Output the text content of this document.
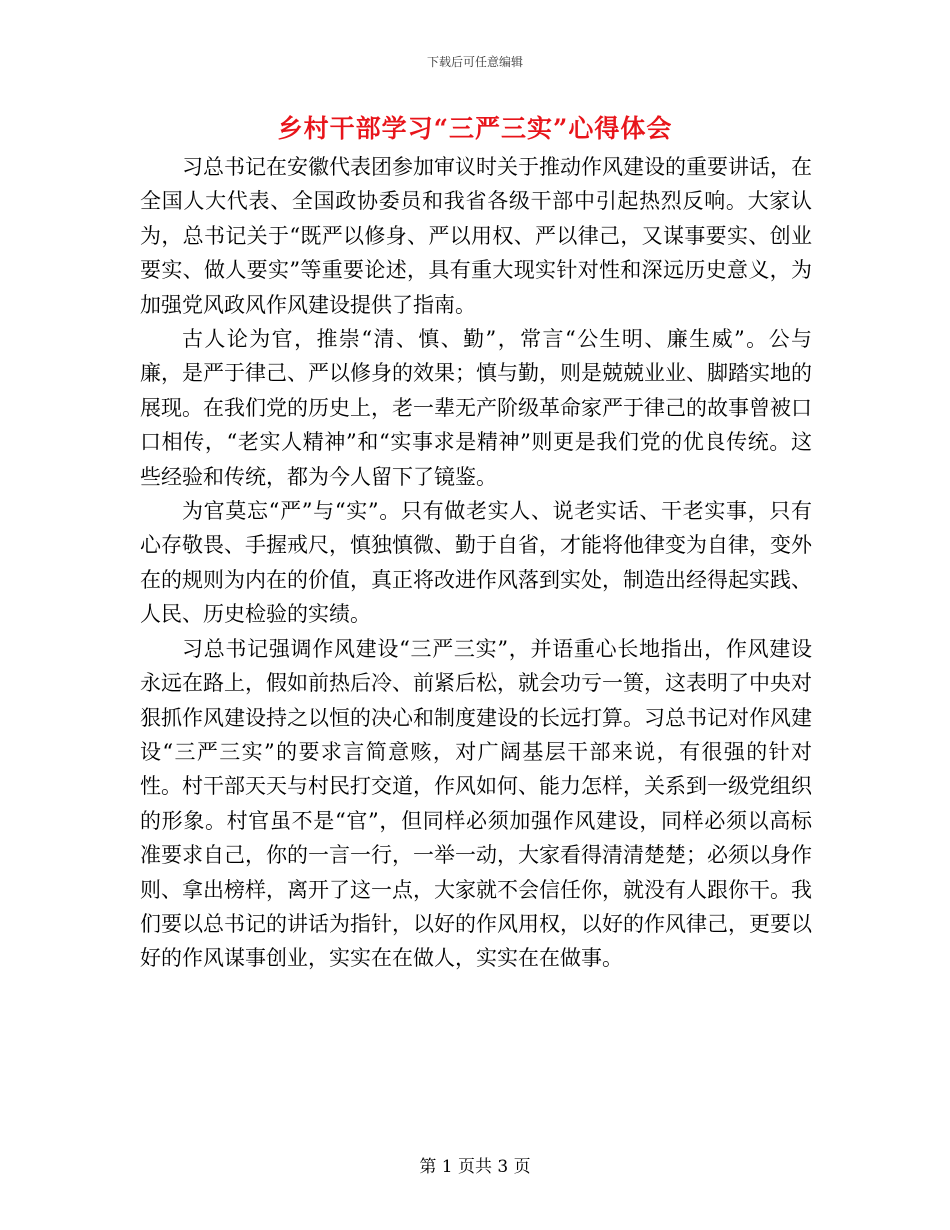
下载后可任意编辑
乡村干部学习“三严三实”心得体会

习总书记在安徽代表团参加审议时关于推动作风建设的重要讲话，在全国人大代表、全国政协委员和我省各级干部中引起热烈反响。大家认为，总书记关于“既严以修身、严以用权、严以律己，又谋事要实、创业要实、做人要实”等重要论述，具有重大现实针对性和深远历史意义，为加强党风政风作风建设提供了指南。

古人论为官，推崇“清、慎、勤”，常言“公生明、廉生威”。公与廉，是严于律己、严以修身的效果；慎与勤，则是兢兢业业、脚踏实地的展现。在我们党的历史上，老一辈无产阶级革命家严于律己的故事曾被口口相传，“老实人精神”和“实事求是精神”则更是我们党的优良传统。这些经验和传统，都为今人留下了镜鉴。

为官莫忘“严”与“实”。只有做老实人、说老实话、干老实事，只有心存敬畏、手握戒尺，慎独慎微、勤于自省，才能将他律变为自律，变外在的规则为内在的价值，真正将改进作风落到实处，制造出经得起实践、人民、历史检验的实绩。

习总书记强调作风建设“三严三实”，并语重心长地指出，作风建设永远在路上，假如前热后冷、前紧后松，就会功亏一篑，这表明了中央对狠抓作风建设持之以恒的决心和制度建设的长远打算。习总书记对作风建设“三严三实”的要求言简意赅，对广阔基层干部来说，有很强的针对性。村干部天天与村民打交道，作风如何、能力怎样，关系到一级党组织的形象。村官虽不是“官”，但同样必须加强作风建设，同样必须以高标准要求自己，你的一言一行，一举一动，大家看得清清楚楚；必须以身作则、拿出榜样，离开了这一点，大家就不会信任你，就没有人跟你干。我们要以总书记的讲话为指针，以好的作风用权，以好的作风律己，更要以好的作风谋事创业，实实在在做人，实实在在做事。

第 1 页共 3 页
